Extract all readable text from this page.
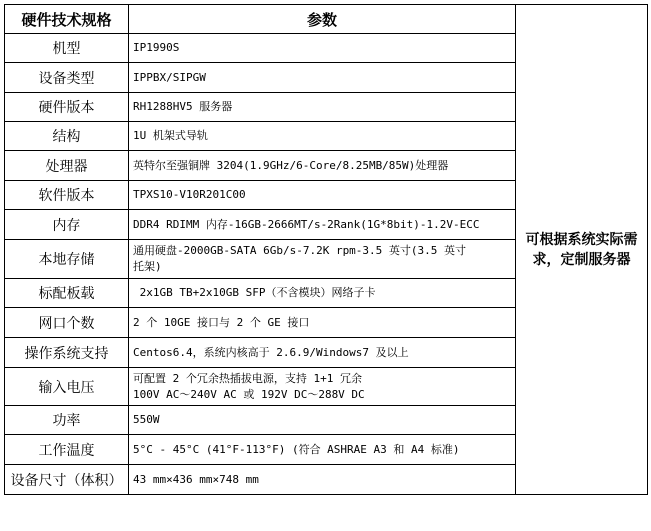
硬件技术规格	参数	可根据系统实际需求，定制服务器
机型	IP1990S	

设备类型	IPPBX/SIPGW	

硬件版本	RH1288HV5 服务器	

结构	1U 机架式导轨	

处理器	英特尔至强铜牌 3204(1.9GHz/6-Core/8.25MB/85W)处理器	

软件版本	TPXS10-V10R201C00	

内存	DDR4 RDIMM 内存-16GB-2666MT/s-2Rank(1G*8bit)-1.2V-ECC	

本地存储	通用硬盘-2000GB-SATA 6Gb/s-7.2K rpm-3.5 英寸(3.5 英寸
托架)	

标配板载	2x1GB TB+2x10GB SFP（不含模块）网络子卡	

网口个数	2 个 10GE 接口与 2 个 GE 接口	

操作系统支持	Centos6.4，系统内核高于 2.6.9/Windows7 及以上	

输入电压	可配置 2 个冗余热插拔电源，支持 1+1 冗余
100V AC～240V AC 或 192V DC～288V DC	

功率	550W	

工作温度	5°C - 45°C (41°F-113°F) (符合 ASHRAE A3 和 A4 标准)	

设备尺寸（体积）	43 mm×436 mm×748 mm	
